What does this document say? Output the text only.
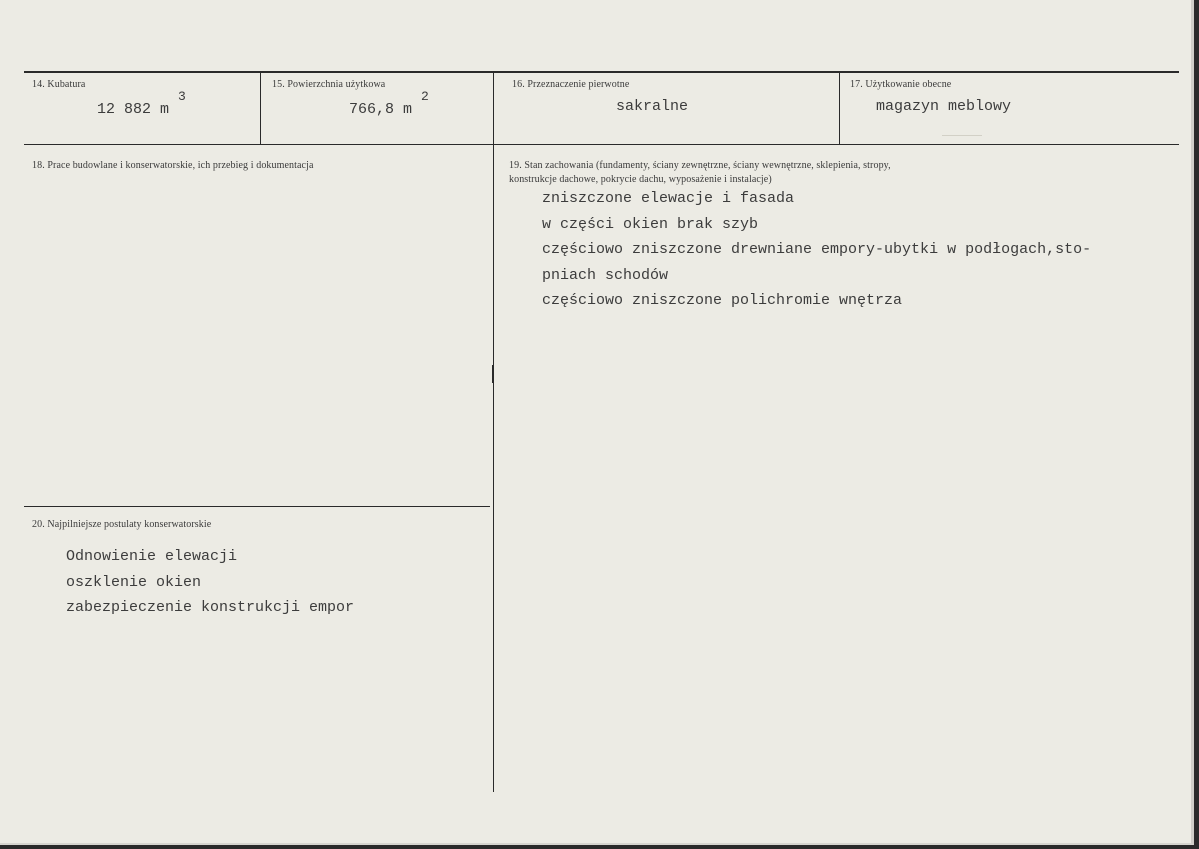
14. Kubatura
12 882 m
3
15. Powierzchnia użytkowa
766,8 m
2
16. Przeznaczenie pierwotne
sakralne
17. Użytkowanie obecne
magazyn meblowy
18. Prace budowlane i konserwatorskie, ich przebieg i dokumentacja	19. Stan zachowania (fundamenty, ściany zewnętrzne, ściany wewnętrzne, sklepienia, stropy,
konstrukcje dachowe, pokrycie dachu, wyposażenie i instalacje)
zniszczone elewacje i fasada
w części okien brak szyb
częściowo zniszczone drewniane empory-ubytki w podłogach,sto-
pniach schodów
częściowo zniszczone polichromie wnętrza
20. Najpilniejsze postulaty konserwatorskie
Odnowienie elewacji
oszklenie okien
zabezpieczenie konstrukcji empor
